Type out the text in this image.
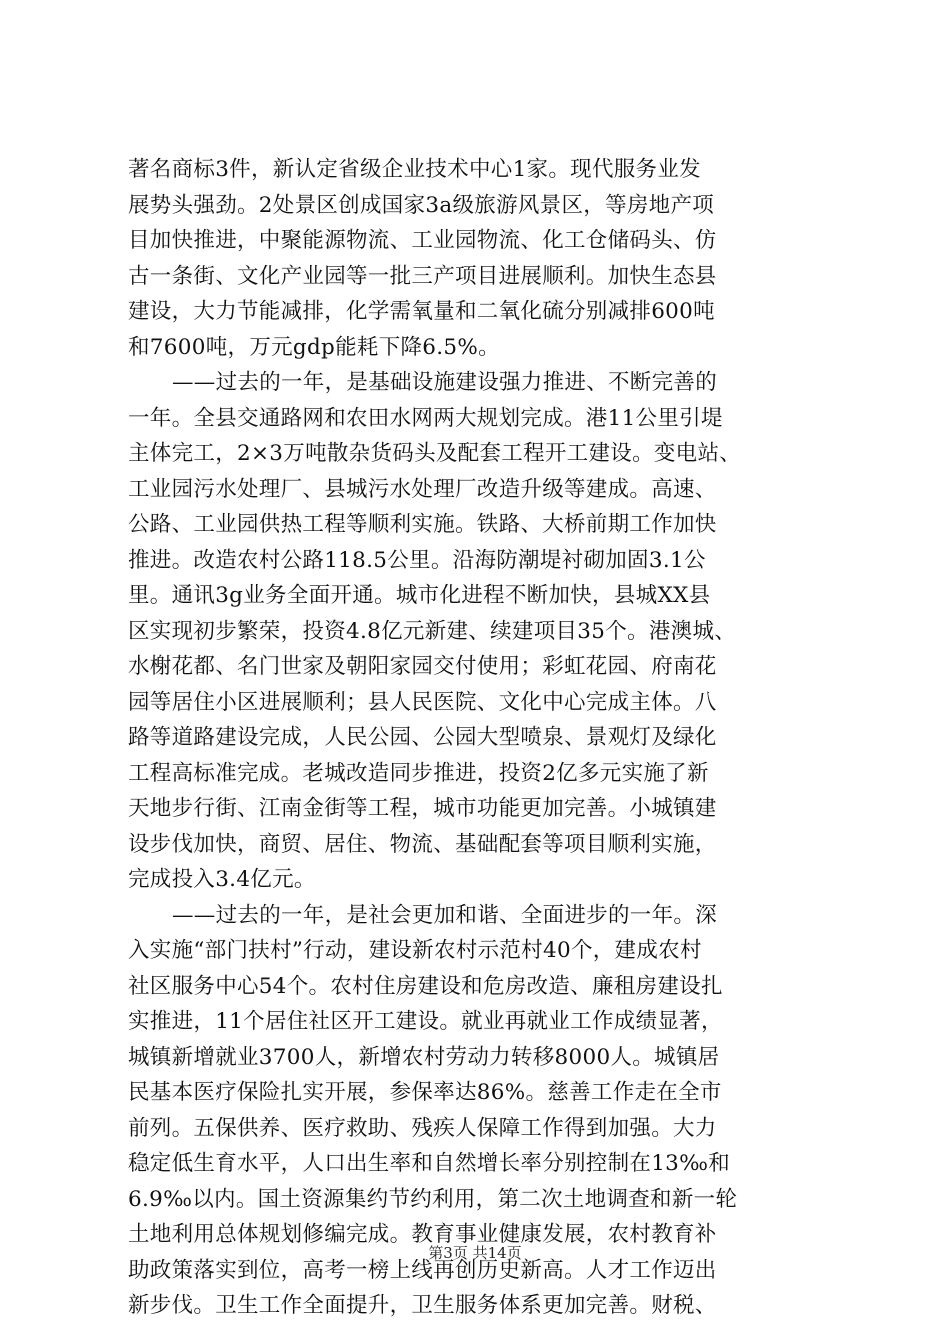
著名商标3件，新认定省级企业技术中心1家。现代服务业发
展势头强劲。2处景区创成国家3a级旅游风景区，等房地产项
目加快推进，中聚能源物流、工业园物流、化工仓储码头、仿
古一条街、文化产业园等一批三产项目进展顺利。加快生态县
建设，大力节能减排，化学需氧量和二氧化硫分别减排600吨
和7600吨，万元gdp能耗下降6.5%。
——过去的一年，是基础设施建设强力推进、不断完善的
一年。全县交通路网和农田水网两大规划完成。港11公里引堤
主体完工，2×3万吨散杂货码头及配套工程开工建设。变电站、
工业园污水处理厂、县城污水处理厂改造升级等建成。高速、
公路、工业园供热工程等顺利实施。铁路、大桥前期工作加快
推进。改造农村公路118.5公里。沿海防潮堤衬砌加固3.1公
里。通讯3g业务全面开通。城市化进程不断加快，县城XX县
区实现初步繁荣，投资4.8亿元新建、续建项目35个。港澳城、
水榭花都、名门世家及朝阳家园交付使用；彩虹花园、府南花
园等居住小区进展顺利；县人民医院、文化中心完成主体。八
路等道路建设完成，人民公园、公园大型喷泉、景观灯及绿化
工程高标准完成。老城改造同步推进，投资2亿多元实施了新
天地步行街、江南金街等工程，城市功能更加完善。小城镇建
设步伐加快，商贸、居住、物流、基础配套等项目顺利实施，
完成投入3.4亿元。
——过去的一年，是社会更加和谐、全面进步的一年。深
入实施“部门扶村”行动，建设新农村示范村40个，建成农村
社区服务中心54个。农村住房建设和危房改造、廉租房建设扎
实推进，11个居住社区开工建设。就业再就业工作成绩显著，
城镇新增就业3700人，新增农村劳动力转移8000人。城镇居
民基本医疗保险扎实开展，参保率达86%。慈善工作走在全市
前列。五保供养、医疗救助、残疾人保障工作得到加强。大力
稳定低生育水平，人口出生率和自然增长率分别控制在13‰和
6.9‰以内。国土资源集约节约利用，第二次土地调查和新一轮
土地利用总体规划修编完成。教育事业健康发展，农村教育补
助政策落实到位，高考一榜上线再创历史新高。人才工作迈出
新步伐。卫生工作全面提升，卫生服务体系更加完善。财税、
第3页 共14页
